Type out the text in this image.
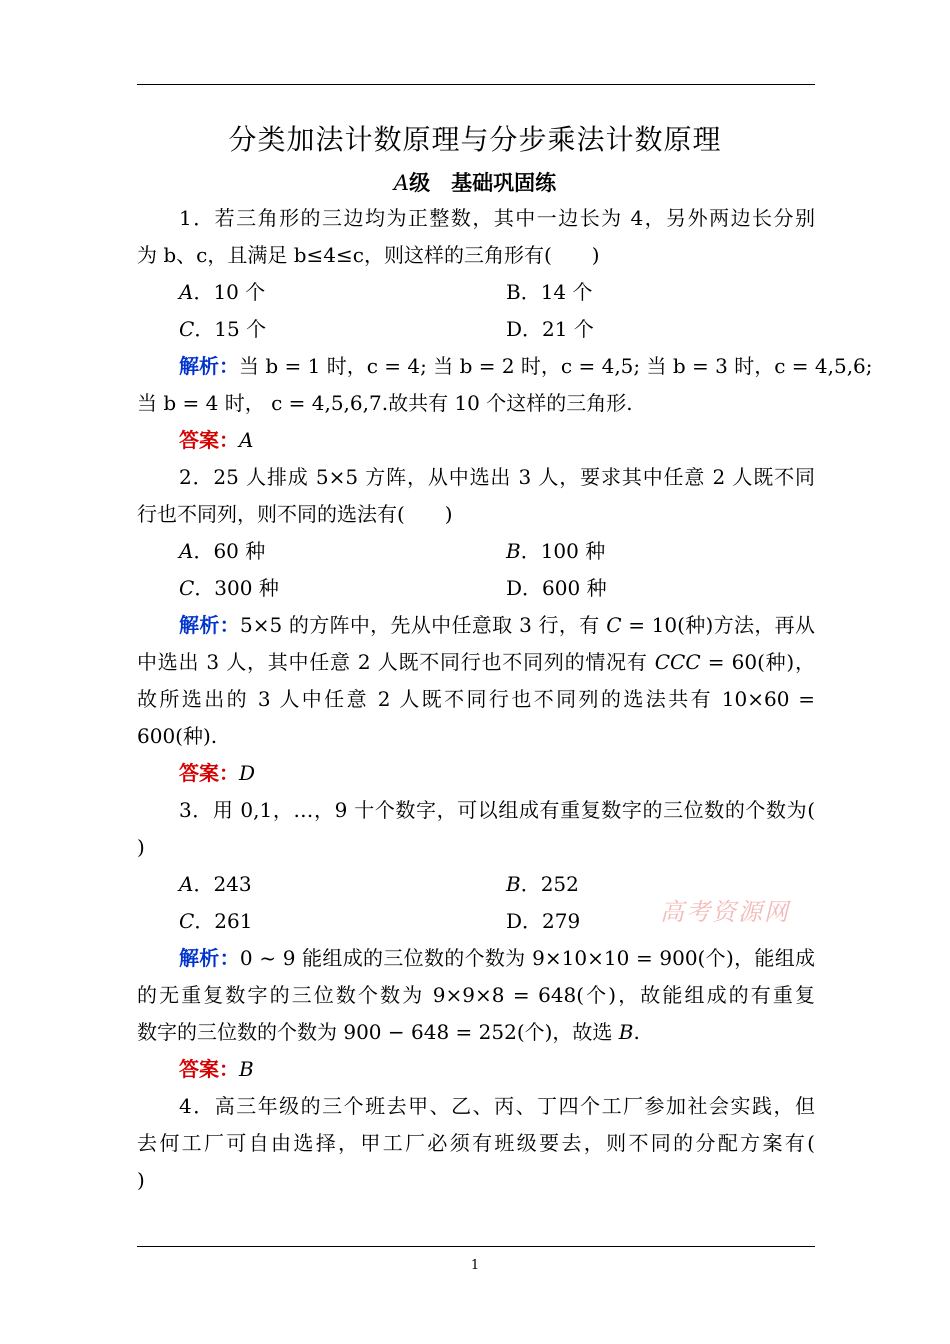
分类加法计数原理与分步乘法计数原理
A级　基础巩固练
1．若三角形的三边均为正整数，其中一边长为 4，另外两边长分别
为 b、c，且满足 b≤4≤c，则这样的三角形有(　　)
A．10 个	B．14 个
C．15 个	D．21 个
解析：当 b = 1 时，c = 4; 当 b = 2 时，c = 4,5; 当 b = 3 时，c = 4,5,6;
当 b = 4 时， c = 4,5,6,7.故共有 10 个这样的三角形.
答案：A
2．25 人排成 5×5 方阵，从中选出 3 人，要求其中任意 2 人既不同
行也不同列，则不同的选法有(　　)
A．60 种	B．100 种
C．300 种	D．600 种
解析：5×5 的方阵中，先从中任意取 3 行，有 C = 10(种)方法，再从
中选出 3 人，其中任意 2 人既不同行也不同列的情况有 CCC = 60(种)，
故所选出的 3 人中任意 2 人既不同行也不同列的选法共有 10×60 =
600(种).
答案：D
3．用 0,1，…，9 十个数字，可以组成有重复数字的三位数的个数为(
)
A．243	B．252
C．261	D．279	高考资源网
解析：0 ~ 9 能组成的三位数的个数为 9×10×10 = 900(个)，能组成
的无重复数字的三位数个数为 9×9×8 = 648(个)，故能组成的有重复
数字的三位数的个数为 900 − 648 = 252(个)，故选 B.
答案：B
4．高三年级的三个班去甲、乙、丙、丁四个工厂参加社会实践，但
去何工厂可自由选择，甲工厂必须有班级要去，则不同的分配方案有(
)
1
